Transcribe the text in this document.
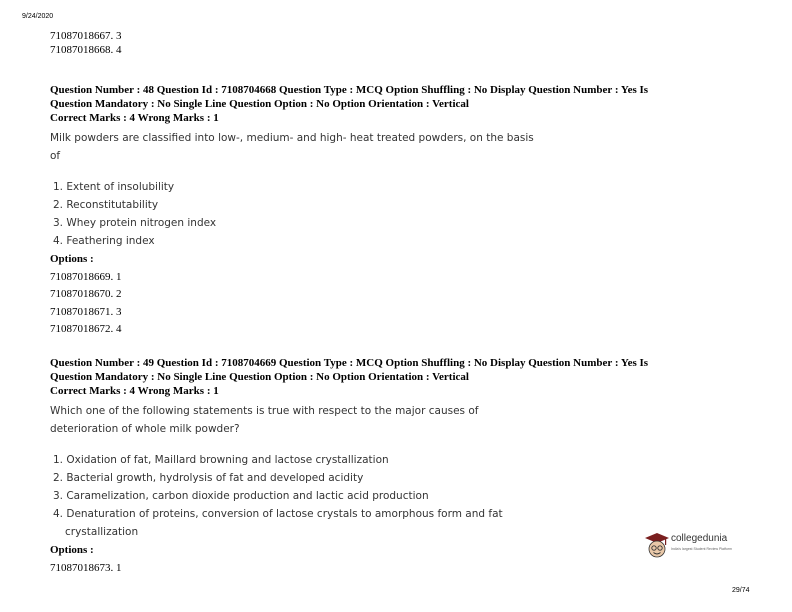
9/24/2020
71087018667. 3
71087018668. 4
Question Number : 48 Question Id : 7108704668 Question Type : MCQ Option Shuffling : No Display Question Number : Yes Is
Question Mandatory : No Single Line Question Option : No Option Orientation : Vertical
Correct Marks : 4 Wrong Marks : 1
Milk powders are classified into low-, medium- and high- heat treated powders, on the basis
of
1. Extent of insolubility
2. Reconstitutability
3. Whey protein nitrogen index
4. Feathering index
Options :
71087018669. 1
71087018670. 2
71087018671. 3
71087018672. 4
Question Number : 49 Question Id : 7108704669 Question Type : MCQ Option Shuffling : No Display Question Number : Yes Is
Question Mandatory : No Single Line Question Option : No Option Orientation : Vertical
Correct Marks : 4 Wrong Marks : 1
Which one of the following statements is true with respect to the major causes of
deterioration of whole milk powder?
1. Oxidation of fat, Maillard browning and lactose crystallization
2. Bacterial growth, hydrolysis of fat and developed acidity
3. Caramelization, carbon dioxide production and lactic acid production
4. Denaturation of proteins, conversion of lactose crystals to amorphous form and fat
crystallization
Options :
71087018673. 1
collegedunia
India's largest Student Review Platform
29/74
